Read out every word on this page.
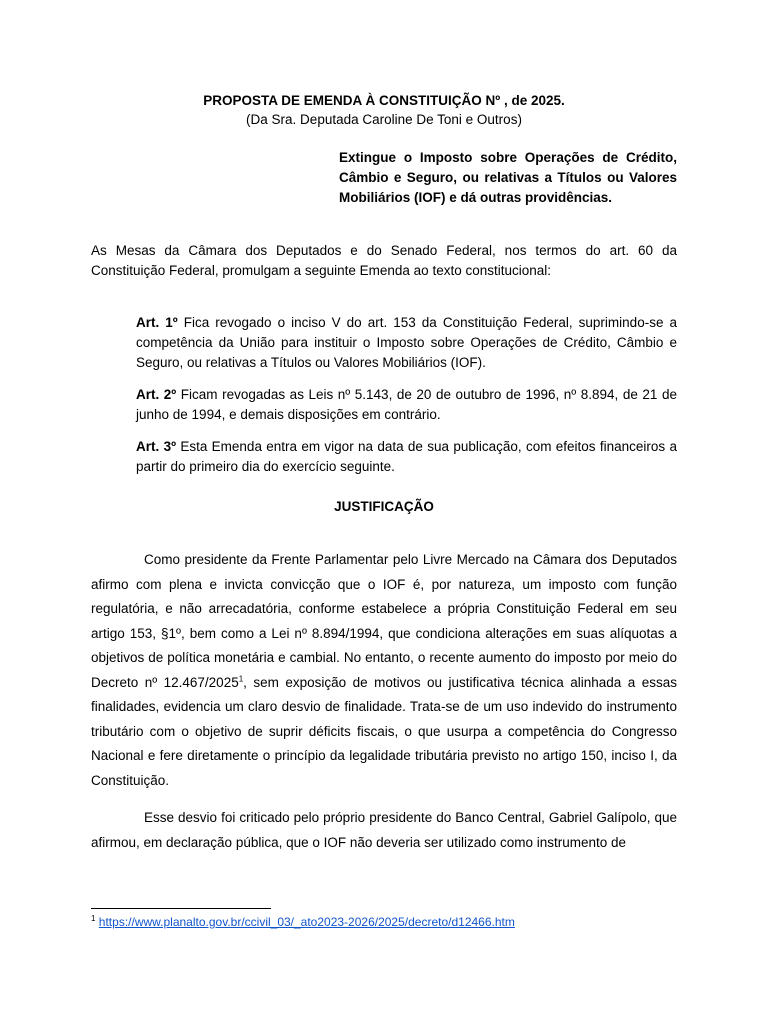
PROPOSTA DE EMENDA À CONSTITUIÇÃO Nº , de 2025.
(Da Sra. Deputada Caroline De Toni e Outros)
Extingue o Imposto sobre Operações de Crédito, Câmbio e Seguro, ou relativas a Títulos ou Valores Mobiliários (IOF) e dá outras providências.

As Mesas da Câmara dos Deputados e do Senado Federal, nos termos do art. 60 da Constituição Federal, promulgam a seguinte Emenda ao texto constitucional:

Art. 1º Fica revogado o inciso V do art. 153 da Constituição Federal, suprimindo-se a competência da União para instituir o Imposto sobre Operações de Crédito, Câmbio e Seguro, ou relativas a Títulos ou Valores Mobiliários (IOF).

Art. 2º Ficam revogadas as Leis nº 5.143, de 20 de outubro de 1996, nº 8.894, de 21 de junho de 1994, e demais disposições em contrário.

Art. 3º Esta Emenda entra em vigor na data de sua publicação, com efeitos financeiros a partir do primeiro dia do exercício seguinte.

JUSTIFICAÇÃO

Como presidente da Frente Parlamentar pelo Livre Mercado na Câmara dos Deputados afirmo com plena e invicta convicção que o IOF é, por natureza, um imposto com função regulatória, e não arrecadatória, conforme estabelece a própria Constituição Federal em seu artigo 153, §1º, bem como a Lei nº 8.894/1994, que condiciona alterações em suas alíquotas a objetivos de política monetária e cambial. No entanto, o recente aumento do imposto por meio do Decreto nº 12.467/2025$^1$, sem exposição de motivos ou justificativa técnica alinhada a essas finalidades, evidencia um claro desvio de finalidade. Trata-se de um uso indevido do instrumento tributário com o objetivo de suprir déficits fiscais, o que usurpa a competência do Congresso Nacional e fere diretamente o princípio da legalidade tributária previsto no artigo 150, inciso I, da Constituição.

Esse desvio foi criticado pelo próprio presidente do Banco Central, Gabriel Galípolo, que afirmou, em declaração pública, que o IOF não deveria ser utilizado como instrumento de

$^1$ https://www.planalto.gov.br/ccivil_03/_ato2023-2026/2025/decreto/d12466.htm
